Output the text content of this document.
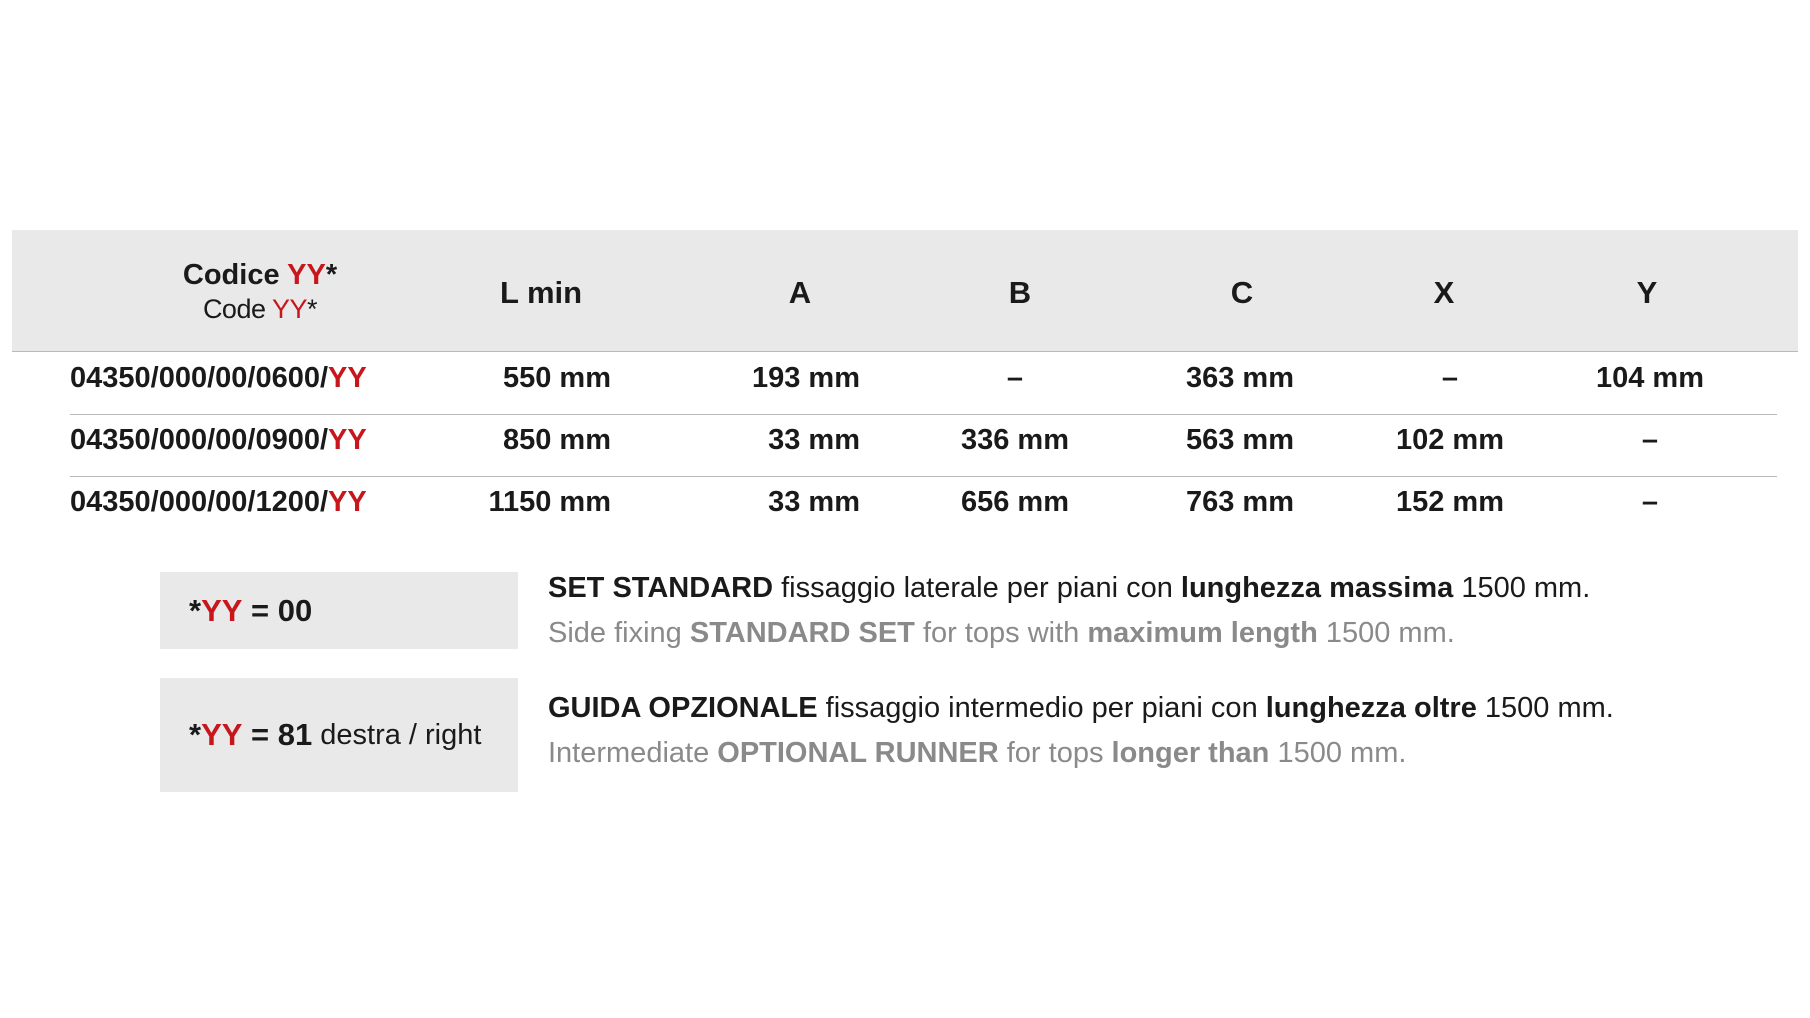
Codice YY*
Code YY*	L min	A	B	C	X	Y
04350/000/00/0600/YY	550 mm	193 mm	–	363 mm	–	104 mm
04350/000/00/0900/YY	850 mm	33 mm	336 mm	563 mm	102 mm	–
04350/000/00/1200/YY	1150 mm	33 mm	656 mm	763 mm	152 mm	–
* YY = 00
SET STANDARD fissaggio laterale per piani con lunghezza massima 1500 mm.
Side fixing STANDARD SET for tops with maximum length 1500 mm.
* YY = 81 destra / right
GUIDA OPZIONALE fissaggio intermedio per piani con lunghezza oltre 1500 mm.
Intermediate OPTIONAL RUNNER for tops longer than 1500 mm.
